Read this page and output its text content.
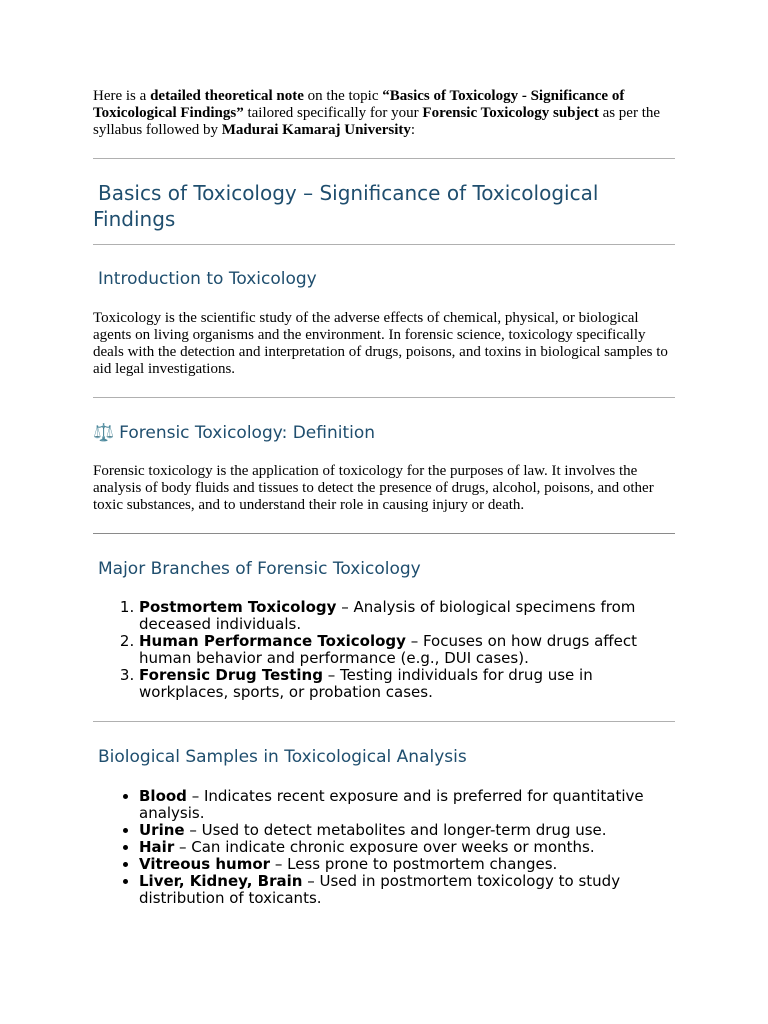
Here is a detailed theoretical note on the topic “Basics of Toxicology - Significance of Toxicological Findings” tailored specifically for your Forensic Toxicology subject as per the syllabus followed by Madurai Kamaraj University:

Basics of Toxicology – Significance of Toxicological Findings
Introduction to Toxicology

Toxicology is the scientific study of the adverse effects of chemical, physical, or biological agents on living organisms and the environment. In forensic science, toxicology specifically deals with the detection and interpretation of drugs, poisons, and toxins in biological samples to aid legal investigations.

⚖️ Forensic Toxicology: Definition

Forensic toxicology is the application of toxicology for the purposes of law. It involves the analysis of body fluids and tissues to detect the presence of drugs, alcohol, poisons, and other toxic substances, and to understand their role in causing injury or death.

Major Branches of Forensic Toxicology
1. Postmortem Toxicology – Analysis of biological specimens from deceased individuals.
2. Human Performance Toxicology – Focuses on how drugs affect human behavior and performance (e.g., DUI cases).
3. Forensic Drug Testing – Testing individuals for drug use in workplaces, sports, or probation cases.
Biological Samples in Toxicological Analysis
• Blood – Indicates recent exposure and is preferred for quantitative analysis.
• Urine – Used to detect metabolites and longer-term drug use.
• Hair – Can indicate chronic exposure over weeks or months.
• Vitreous humor – Less prone to postmortem changes.
• Liver, Kidney, Brain – Used in postmortem toxicology to study distribution of toxicants.
